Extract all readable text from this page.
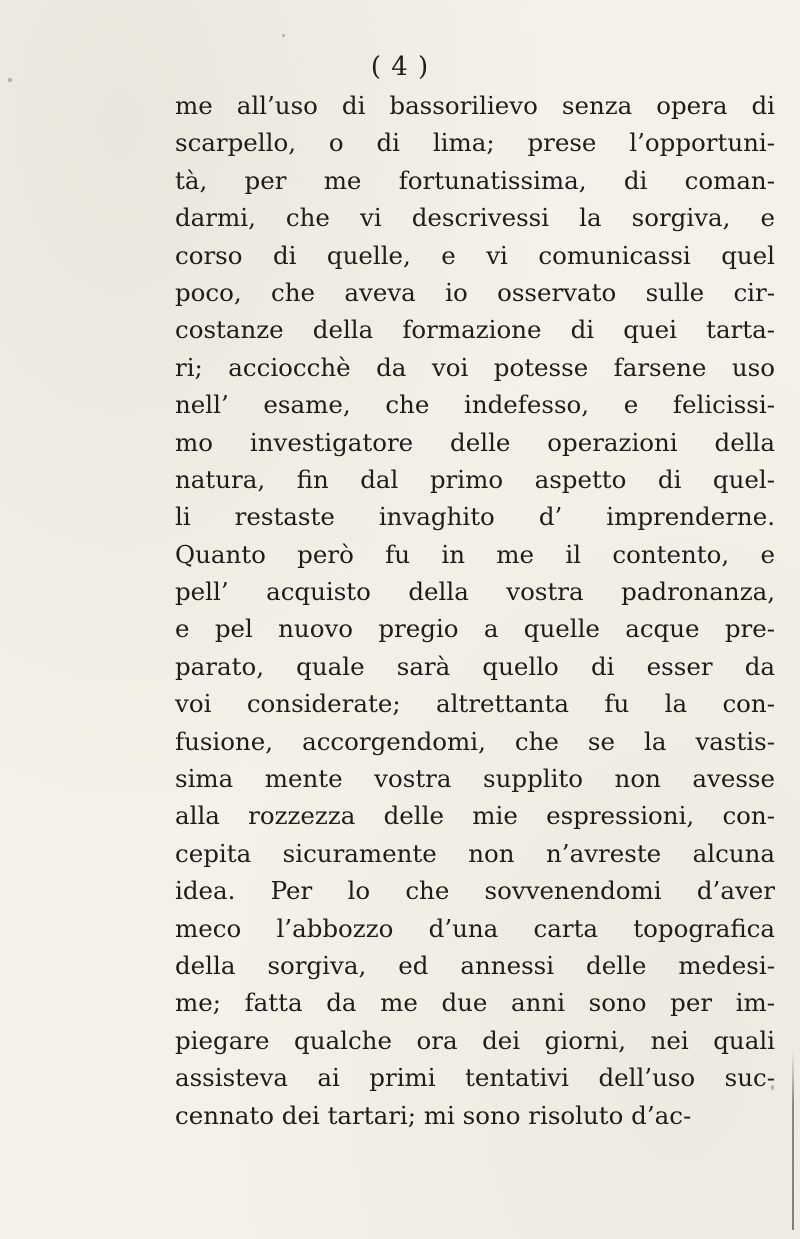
( 4 )
me all’uso di bassorilievo senza opera di
scarpello, o di lima; prese l’opportuni-
tà, per me fortunatissima, di coman-
darmi, che vi descrivessi la sorgiva, e
corso di quelle, e vi comunicassi quel
poco, che aveva io osservato sulle cir-
costanze della formazione di quei tarta-
ri; acciocchè da voi potesse farsene uso
nell’ esame, che indefesso, e felicissi-
mo investigatore delle operazioni della
natura, fin dal primo aspetto di quel-
li restaste invaghito d’ imprenderne.
Quanto però fu in me il contento, e
pell’ acquisto della vostra padronanza,
e pel nuovo pregio a quelle acque pre-
parato, quale sarà quello di esser da
voi considerate; altrettanta fu la con-
fusione, accorgendomi, che se la vastis-
sima mente vostra supplito non avesse
alla rozzezza delle mie espressioni, con-
cepita sicuramente non n’avreste alcuna
idea. Per lo che sovvenendomi d’aver
meco l’abbozzo d’una carta topografica
della sorgiva, ed annessi delle medesi-
me; fatta da me due anni sono per im-
piegare qualche ora dei giorni, nei quali
assisteva ai primi tentativi dell’uso suc-
cennato dei tartari; mi sono risoluto d’ac-
